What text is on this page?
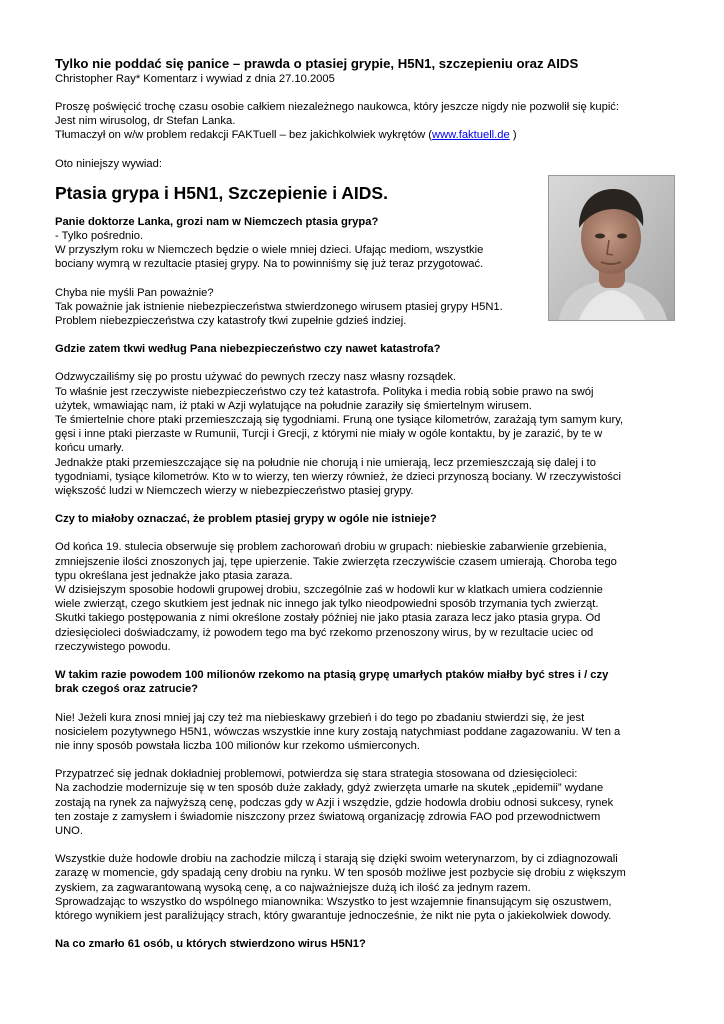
Tylko nie poddać się panice – prawda o ptasiej grypie, H5N1, szczepieniu oraz AIDS

Christopher Ray* Komentarz i wywiad z dnia 27.10.2005

Proszę poświęcić trochę czasu osobie całkiem niezależnego naukowca, który jeszcze nigdy nie pozwolił się kupić:

Jest nim wirusolog, dr Stefan Lanka.

Tłumaczył on w/w problem redakcji FAKTuell – bez jakichkolwiek wykrętów (www.faktuell.de )

Oto niniejszy wywiad:

Ptasia grypa i H5N1, Szczepienie i AIDS.

Panie doktorze Lanka, grozi nam w Niemczech ptasia grypa?

- Tylko pośrednio.

W przyszłym roku w Niemczech będzie o wiele mniej dzieci. Ufając mediom, wszystkie

bociany wymrą w rezultacie ptasiej grypy. Na to powinniśmy się już teraz przygotować.

Chyba nie myśli Pan poważnie?

Tak poważnie jak istnienie niebezpieczeństwa stwierdzonego wirusem ptasiej grypy H5N1.

Problem niebezpieczeństwa czy katastrofy tkwi zupełnie gdzieś indziej.

Gdzie zatem tkwi według Pana niebezpieczeństwo czy nawet katastrofa?

Odzwyczailiśmy się po prostu używać do pewnych rzeczy nasz własny rozsądek.

To właśnie jest rzeczywiste niebezpieczeństwo czy też katastrofa. Polityka i media robią sobie prawo na swój

użytek, wmawiając nam, iż ptaki w Azji wylatujące na południe zaraziły się śmiertelnym wirusem.

Te śmiertelnie chore ptaki przemieszczają się tygodniami. Fruną one tysiące kilometrów, zarażają tym samym kury,

gęsi i inne ptaki pierzaste w Rumunii, Turcji i Grecji, z którymi nie miały w ogóle kontaktu, by je zarazić, by te w

końcu umarły.

Jednakże ptaki przemieszczające się na południe nie chorują i nie umierają, lecz przemieszczają się dalej i to

tygodniami, tysiące kilometrów. Kto w to wierzy, ten wierzy również, że dzieci przynoszą bociany. W rzeczywistości

większość ludzi w Niemczech wierzy w niebezpieczeństwo ptasiej grypy.

Czy to miałoby oznaczać, że problem ptasiej grypy w ogóle nie istnieje?

Od końca 19. stulecia obserwuje się problem zachorowań drobiu w grupach: niebieskie zabarwienie grzebienia,

zmniejszenie ilości znoszonych jaj, tępe upierzenie. Takie zwierzęta rzeczywiście czasem umierają. Choroba tego

typu określana jest jednakże jako ptasia zaraza.

W dzisiejszym sposobie hodowli grupowej drobiu, szczególnie zaś w hodowli kur w klatkach umiera codziennie

wiele zwierząt, czego skutkiem jest jednak nic innego jak tylko nieodpowiedni sposób trzymania tych zwierząt.

Skutki takiego postępowania z nimi określone zostały później nie jako ptasia zaraza lecz jako ptasia grypa. Od

dziesięcioleci doświadczamy, iż powodem tego ma być rzekomo przenoszony wirus, by w rezultacie uciec od

rzeczywistego powodu.

W takim razie powodem 100 milionów rzekomo na ptasią grypę umarłych ptaków miałby być stres i / czy

brak czegoś oraz zatrucie?

Nie! Jeżeli kura znosi mniej jaj czy też ma niebieskawy grzebień i do tego po zbadaniu stwierdzi się, że jest

nosicielem pozytywnego H5N1, wówczas wszystkie inne kury zostają natychmiast poddane zagazowaniu. W ten a

nie inny sposób powstała liczba 100 milionów kur rzekomo uśmierconych.

Przypatrzeć się jednak dokładniej problemowi, potwierdza się stara strategia stosowana od dziesięcioleci:

Na zachodzie modernizuje się w ten sposób duże zakłady, gdyż zwierzęta umarłe na skutek „epidemii” wydane

zostają na rynek za najwyższą cenę, podczas gdy w Azji i wszędzie, gdzie hodowla drobiu odnosi sukcesy, rynek

ten zostaje z zamysłem i świadomie niszczony przez światową organizację zdrowia FAO pod przewodnictwem

UNO.

Wszystkie duże hodowle drobiu na zachodzie milczą i starają się dzięki swoim weterynarzom, by ci zdiagnozowali

zarazę w momencie, gdy spadają ceny drobiu na rynku. W ten sposób możliwe jest pozbycie się drobiu z większym

zyskiem, za zagwarantowaną wysoką cenę, a co najważniejsze dużą ich ilość za jednym razem.

Sprowadzając to wszystko do wspólnego mianownika: Wszystko to jest wzajemnie finansującym się oszustwem,

którego wynikiem jest paraliżujący strach, który gwarantuje jednocześnie, że nikt nie pyta o jakiekolwiek dowody.

Na co zmarło 61 osób, u których stwierdzono wirus H5N1?
